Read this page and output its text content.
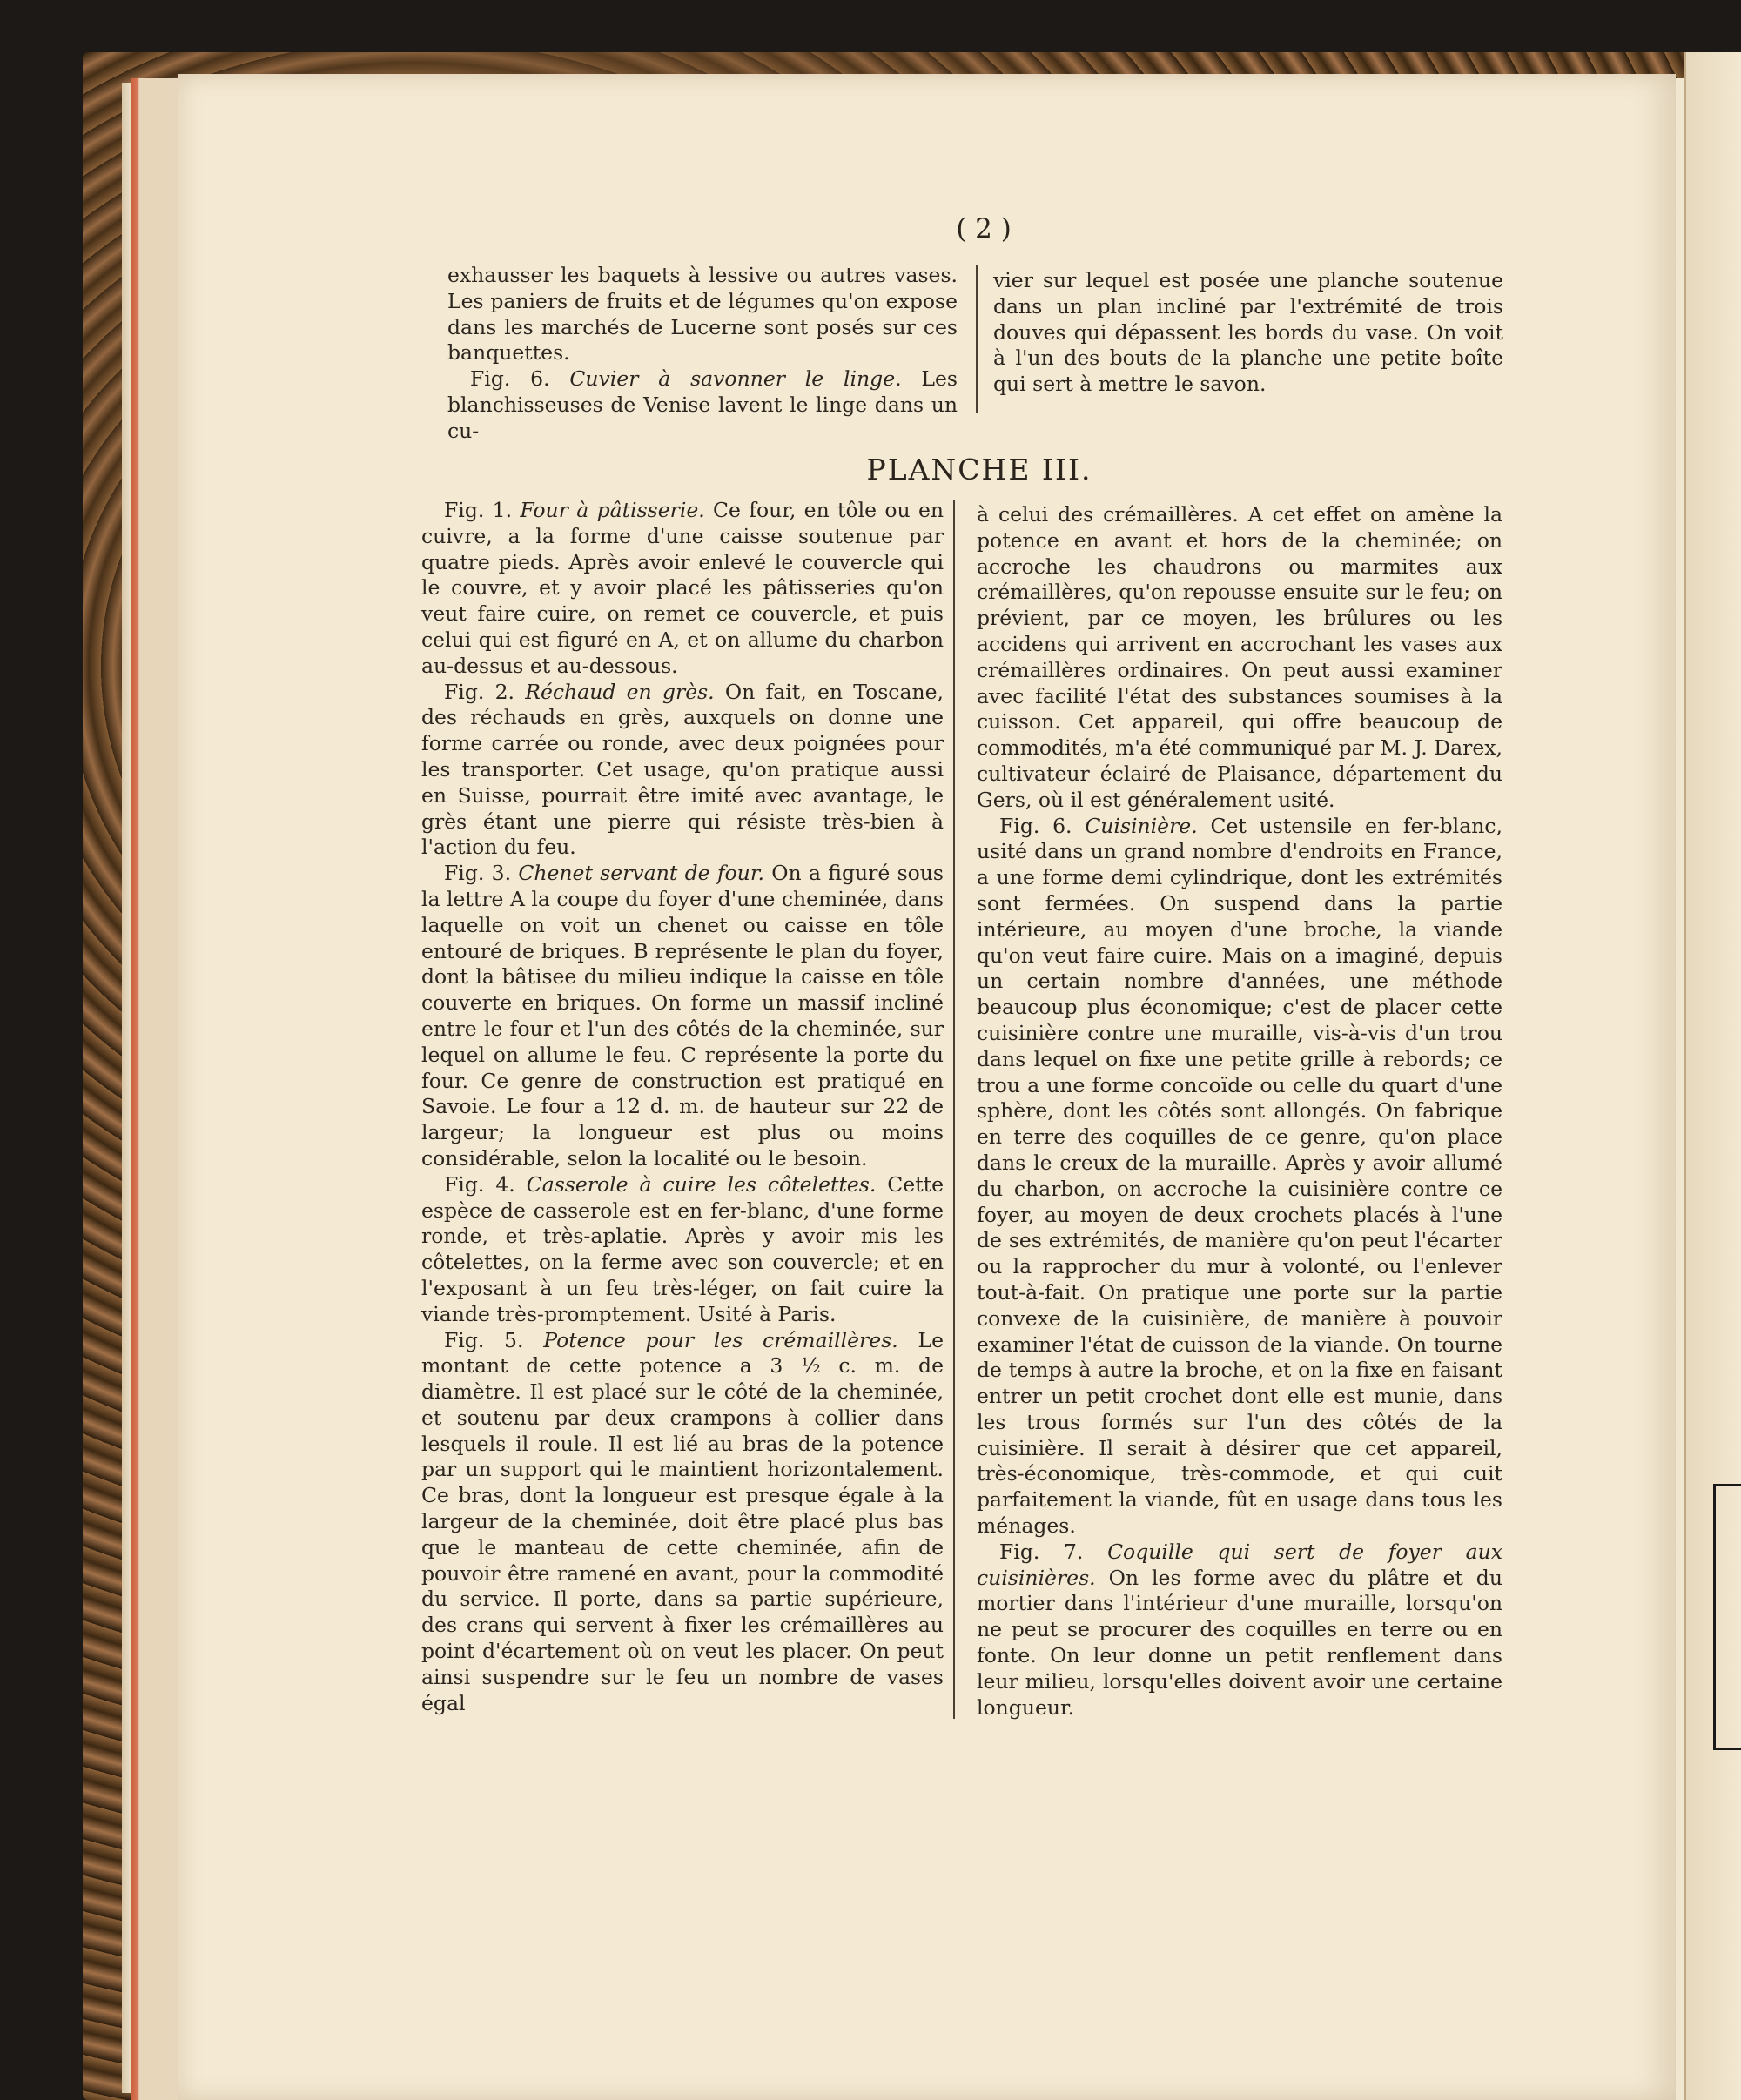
( 2 )

exhausser les baquets à lessive ou autres vases. Les paniers de fruits et de légumes qu'on expose dans les marchés de Lucerne sont posés sur ces banquettes.

Fig. 6. Cuvier à savonner le linge. Les blanchisseuses de Venise lavent le linge dans un cu-

vier sur lequel est posée une planche soutenue dans un plan incliné par l'extrémité de trois douves qui dépassent les bords du vase. On voit à l'un des bouts de la planche une petite boîte qui sert à mettre le savon.

PLANCHE III.

Fig. 1. Four à pâtisserie. Ce four, en tôle ou en cuivre, a la forme d'une caisse soutenue par quatre pieds. Après avoir enlevé le couvercle qui le couvre, et y avoir placé les pâtisseries qu'on veut faire cuire, on remet ce couvercle, et puis celui qui est figuré en A, et on allume du charbon au-dessus et au-dessous.

Fig. 2. Réchaud en grès. On fait, en Toscane, des réchauds en grès, auxquels on donne une forme carrée ou ronde, avec deux poignées pour les transporter. Cet usage, qu'on pratique aussi en Suisse, pourrait être imité avec avantage, le grès étant une pierre qui résiste très-bien à l'action du feu.

Fig. 3. Chenet servant de four. On a figuré sous la lettre A la coupe du foyer d'une cheminée, dans laquelle on voit un chenet ou caisse en tôle entouré de briques. B représente le plan du foyer, dont la bâtisee du milieu indique la caisse en tôle couverte en briques. On forme un massif incliné entre le four et l'un des côtés de la cheminée, sur lequel on allume le feu. C représente la porte du four. Ce genre de construction est pratiqué en Savoie. Le four a 12 d. m. de hauteur sur 22 de largeur; la longueur est plus ou moins considérable, selon la localité ou le besoin.

Fig. 4. Casserole à cuire les côtelettes. Cette espèce de casserole est en fer-blanc, d'une forme ronde, et très-aplatie. Après y avoir mis les côtelettes, on la ferme avec son couvercle; et en l'exposant à un feu très-léger, on fait cuire la viande très-promptement. Usité à Paris.

Fig. 5. Potence pour les crémaillères. Le montant de cette potence a 3 ½ c. m. de diamètre. Il est placé sur le côté de la cheminée, et soutenu par deux crampons à collier dans lesquels il roule. Il est lié au bras de la potence par un support qui le maintient horizontalement. Ce bras, dont la longueur est presque égale à la largeur de la cheminée, doit être placé plus bas que le manteau de cette cheminée, afin de pouvoir être ramené en avant, pour la commodité du service. Il porte, dans sa partie supérieure, des crans qui servent à fixer les crémaillères au point d'écartement où on veut les placer. On peut ainsi suspendre sur le feu un nombre de vases égal

à celui des crémaillères. A cet effet on amène la potence en avant et hors de la cheminée; on accroche les chaudrons ou marmites aux crémaillères, qu'on repousse ensuite sur le feu; on prévient, par ce moyen, les brûlures ou les accidens qui arrivent en accrochant les vases aux crémaillères ordinaires. On peut aussi examiner avec facilité l'état des substances soumises à la cuisson. Cet appareil, qui offre beaucoup de commodités, m'a été communiqué par M. J. Darex, cultivateur éclairé de Plaisance, département du Gers, où il est généralement usité.

Fig. 6. Cuisinière. Cet ustensile en fer-blanc, usité dans un grand nombre d'endroits en France, a une forme demi cylindrique, dont les extrémités sont fermées. On suspend dans la partie intérieure, au moyen d'une broche, la viande qu'on veut faire cuire. Mais on a imaginé, depuis un certain nombre d'années, une méthode beaucoup plus économique; c'est de placer cette cuisinière contre une muraille, vis-à-vis d'un trou dans lequel on fixe une petite grille à rebords; ce trou a une forme concoïde ou celle du quart d'une sphère, dont les côtés sont allongés. On fabrique en terre des coquilles de ce genre, qu'on place dans le creux de la muraille. Après y avoir allumé du charbon, on accroche la cuisinière contre ce foyer, au moyen de deux crochets placés à l'une de ses extrémités, de manière qu'on peut l'écarter ou la rapprocher du mur à volonté, ou l'enlever tout-à-fait. On pratique une porte sur la partie convexe de la cuisinière, de manière à pouvoir examiner l'état de cuisson de la viande. On tourne de temps à autre la broche, et on la fixe en faisant entrer un petit crochet dont elle est munie, dans les trous formés sur l'un des côtés de la cuisinière. Il serait à désirer que cet appareil, très-économique, très-commode, et qui cuit parfaitement la viande, fût en usage dans tous les ménages.

Fig. 7. Coquille qui sert de foyer aux cuisinières. On les forme avec du plâtre et du mortier dans l'intérieur d'une muraille, lorsqu'on ne peut se procurer des coquilles en terre ou en fonte. On leur donne un petit renflement dans leur milieu, lorsqu'elles doivent avoir une certaine longueur.
